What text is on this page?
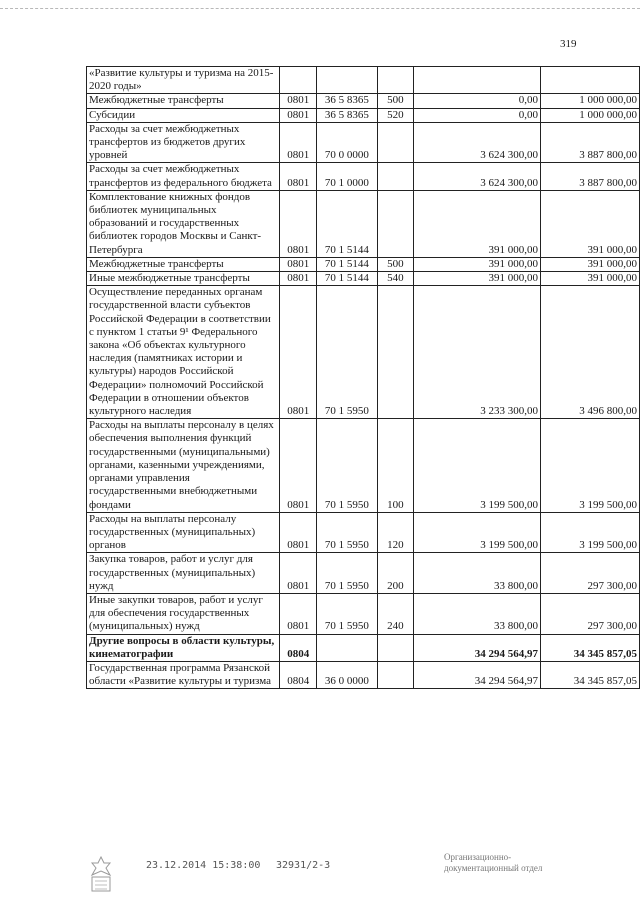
319
«Развитие культуры и туризма на 2015-2020 годы»					
Межбюджетные трансферты	0801	36 5 8365	500	0,00	1 000 000,00
Субсидии	0801	36 5 8365	520	0,00	1 000 000,00
Расходы за счет межбюджетных трансфертов из бюджетов других уровней	0801	70 0 0000		3 624 300,00	3 887 800,00
Расходы за счет межбюджетных трансфертов из федерального бюджета	0801	70 1 0000		3 624 300,00	3 887 800,00
Комплектование книжных фондов библиотек муниципальных образований и государственных библиотек городов Москвы и Санкт-Петербурга	0801	70 1 5144		391 000,00	391 000,00
Межбюджетные трансферты	0801	70 1 5144	500	391 000,00	391 000,00
Иные межбюджетные трансферты	0801	70 1 5144	540	391 000,00	391 000,00
Осуществление переданных органам государственной власти субъектов Российской Федерации в соответствии с пунктом 1 статьи 9¹ Федерального закона «Об объектах культурного наследия (памятниках истории и культуры) народов Российской Федерации» полномочий Российской Федерации в отношении объектов культурного наследия	0801	70 1 5950		3 233 300,00	3 496 800,00
Расходы на выплаты персоналу в целях обеспечения выполнения функций государственными (муниципальными) органами, казенными учреждениями, органами управления государственными внебюджетными фондами	0801	70 1 5950	100	3 199 500,00	3 199 500,00
Расходы на выплаты персоналу государственных (муниципальных) органов	0801	70 1 5950	120	3 199 500,00	3 199 500,00
Закупка товаров, работ и услуг для государственных (муниципальных) нужд	0801	70 1 5950	200	33 800,00	297 300,00
Иные закупки товаров, работ и услуг для обеспечения государственных (муниципальных) нужд	0801	70 1 5950	240	33 800,00	297 300,00
Другие вопросы в области культуры, кинематографии	0804			34 294 564,97	34 345 857,05
Государственная программа Рязанской области «Развитие культуры и туризма	0804	36 0 0000		34 294 564,97	34 345 857,05
23.12.2014 15:38:00 32931/2-3
Организационно-
документационный отдел
